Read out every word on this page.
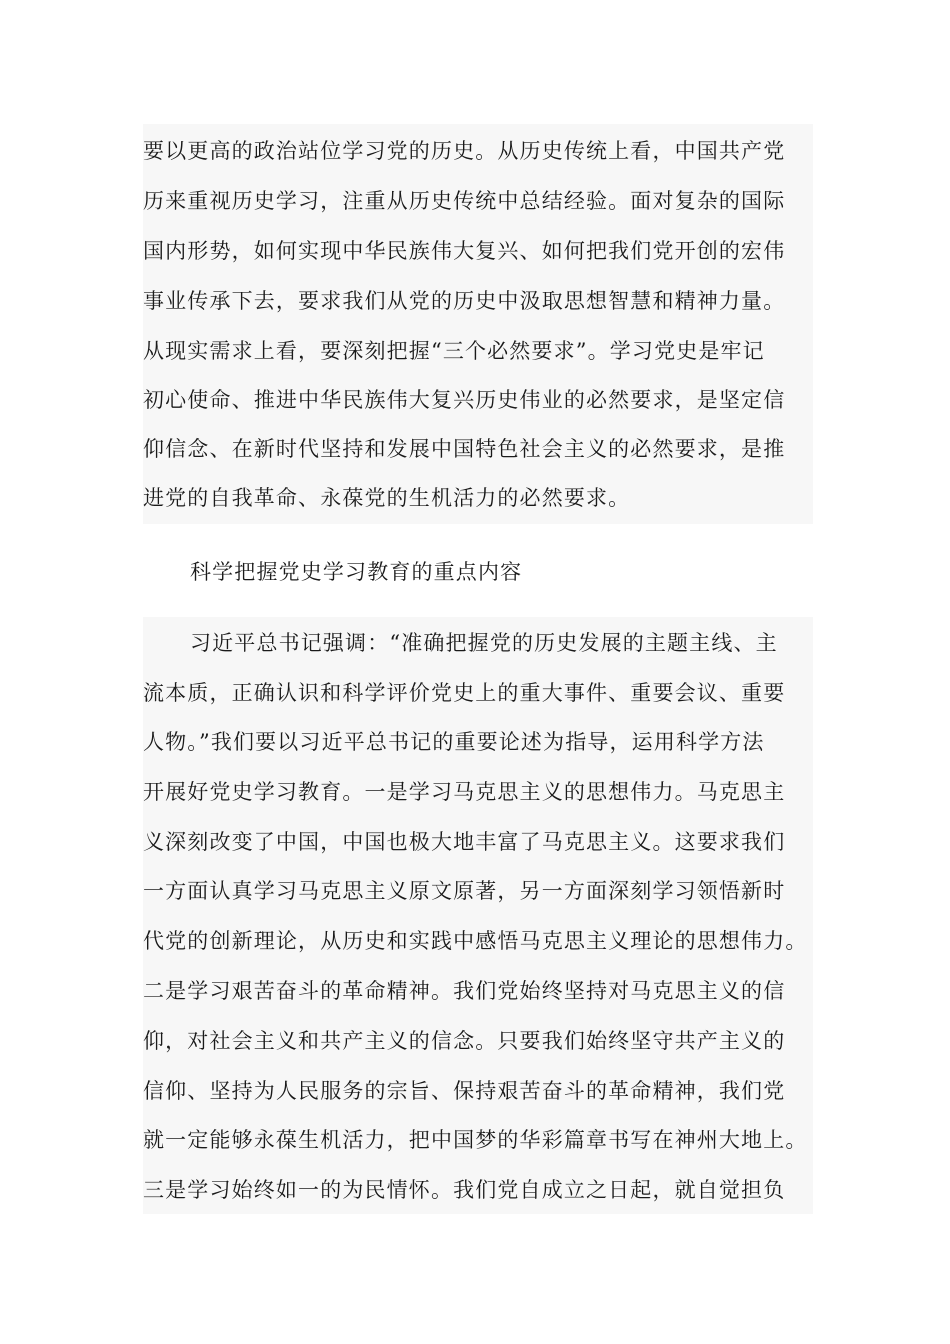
要以更高的政治站位学习党的历史。从历史传统上看，中国共产党
历来重视历史学习，注重从历史传统中总结经验。面对复杂的国际
国内形势，如何实现中华民族伟大复兴、如何把我们党开创的宏伟
事业传承下去，要求我们从党的历史中汲取思想智慧和精神力量。
从现实需求上看，要深刻把握“三个必然要求”。学习党史是牢记
初心使命、推进中华民族伟大复兴历史伟业的必然要求，是坚定信
仰信念、在新时代坚持和发展中国特色社会主义的必然要求，是推
进党的自我革命、永葆党的生机活力的必然要求。
科学把握党史学习教育的重点内容
习近平总书记强调：“准确把握党的历史发展的主题主线、主
流本质，正确认识和科学评价党史上的重大事件、重要会议、重要
人物。”我们要以习近平总书记的重要论述为指导，运用科学方法
开展好党史学习教育。一是学习马克思主义的思想伟力。马克思主
义深刻改变了中国，中国也极大地丰富了马克思主义。这要求我们
一方面认真学习马克思主义原文原著，另一方面深刻学习领悟新时
代党的创新理论，从历史和实践中感悟马克思主义理论的思想伟力。
二是学习艰苦奋斗的革命精神。我们党始终坚持对马克思主义的信
仰，对社会主义和共产主义的信念。只要我们始终坚守共产主义的
信仰、坚持为人民服务的宗旨、保持艰苦奋斗的革命精神，我们党
就一定能够永葆生机活力，把中国梦的华彩篇章书写在神州大地上。
三是学习始终如一的为民情怀。我们党自成立之日起，就自觉担负
